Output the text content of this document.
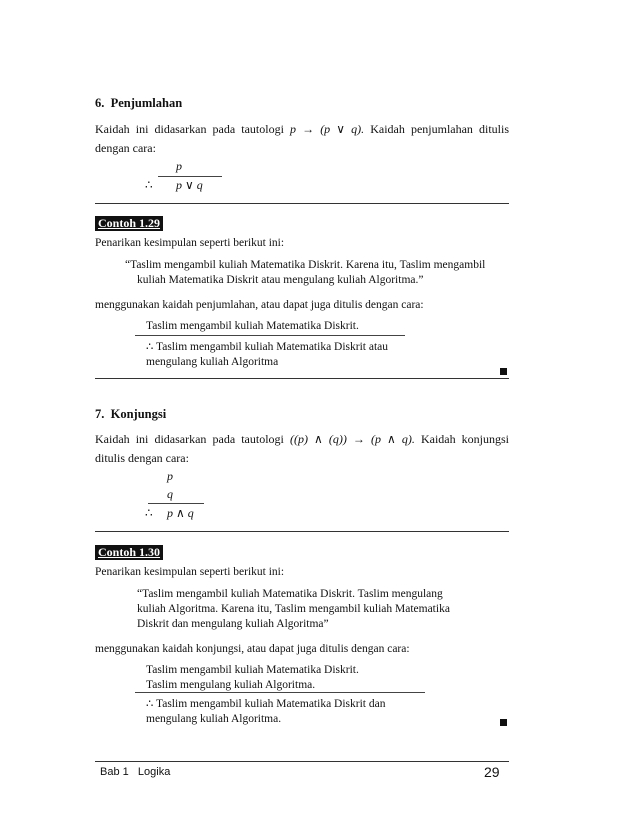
6. Penjumlahan
Kaidah ini didasarkan pada tautologi p → (p ∨ q). Kaidah penjumlahan ditulis
dengan cara:
p
∴ p ∨ q
Contoh 1.29
Penarikan kesimpulan seperti berikut ini:
“Taslim mengambil kuliah Matematika Diskrit. Karena itu, Taslim mengambil
kuliah Matematika Diskrit atau mengulang kuliah Algoritma.”
menggunakan kaidah penjumlahan, atau dapat juga ditulis dengan cara:
Taslim mengambil kuliah Matematika Diskrit.
∴ Taslim mengambil kuliah Matematika Diskrit atau
mengulang kuliah Algoritma
7. Konjungsi
Kaidah ini didasarkan pada tautologi ((p) ∧ (q)) → (p ∧ q). Kaidah konjungsi
ditulis dengan cara:
p
q
∴ p ∧ q
Contoh 1.30
Penarikan kesimpulan seperti berikut ini:
“Taslim mengambil kuliah Matematika Diskrit. Taslim mengulang
kuliah Algoritma. Karena itu, Taslim mengambil kuliah Matematika
Diskrit dan mengulang kuliah Algoritma”
menggunakan kaidah konjungsi, atau dapat juga ditulis dengan cara:
Taslim mengambil kuliah Matematika Diskrit.
Taslim mengulang kuliah Algoritma.
∴ Taslim mengambil kuliah Matematika Diskrit dan
mengulang kuliah Algoritma.
Bab 1 Logika	29
